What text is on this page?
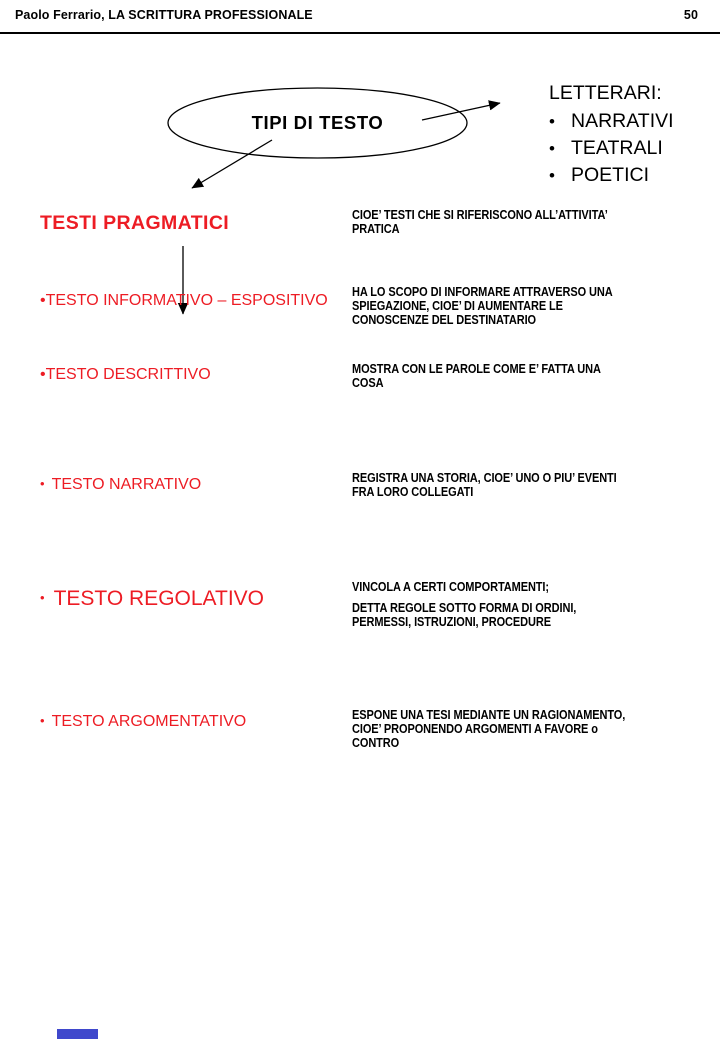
Paolo Ferrario, LA SCRITTURA PROFESSIONALE	50
TIPI DI TESTO
LETTERARI:
• NARRATIVI
• TEATRALI
• POETICI
TESTI PRAGMATICI
•TESTO INFORMATIVO – ESPOSITIVO
•TESTO DESCRITTIVO
• TESTO NARRATIVO
• TESTO REGOLATIVO
• TESTO ARGOMENTATIVO
CIOE’ TESTI CHE SI RIFERISCONO ALL’ATTIVITA’
PRATICA
HA LO SCOPO DI INFORMARE ATTRAVERSO UNA
SPIEGAZIONE, CIOE’ DI AUMENTARE LE
CONOSCENZE DEL DESTINATARIO
MOSTRA CON LE PAROLE COME E’ FATTA UNA
COSA
REGISTRA UNA STORIA, CIOE’ UNO O PIU’ EVENTI
FRA LORO COLLEGATI
VINCOLA A CERTI COMPORTAMENTI;
DETTA REGOLE SOTTO FORMA DI ORDINI,
PERMESSI, ISTRUZIONI, PROCEDURE
ESPONE UNA TESI MEDIANTE UN RAGIONAMENTO,
CIOE’ PROPONENDO ARGOMENTI A FAVORE o
CONTRO
